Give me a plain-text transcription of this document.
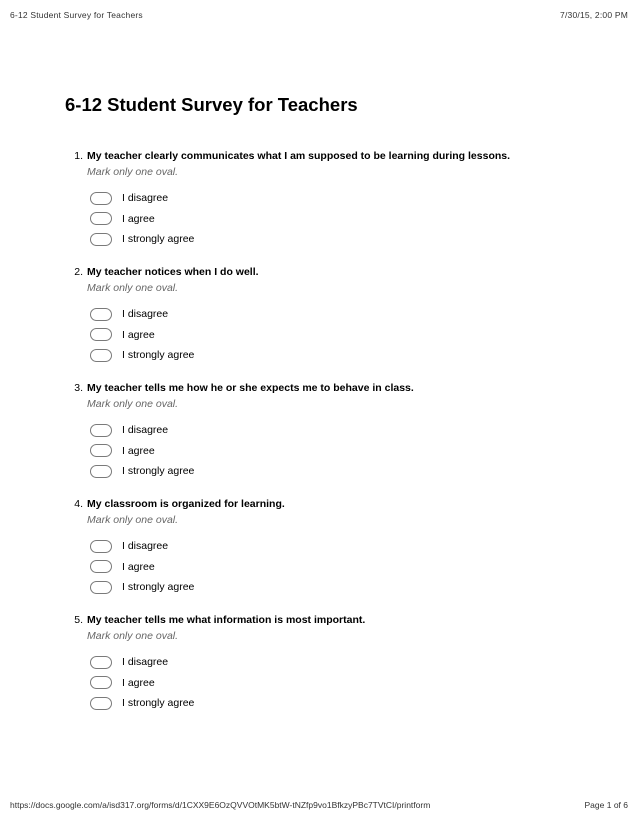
6-12 Student Survey for Teachers	7/30/15, 2:00 PM
6-12 Student Survey for Teachers
1. My teacher clearly communicates what I am supposed to be learning during lessons.
Mark only one oval.
I disagree
I agree
I strongly agree
2. My teacher notices when I do well.
Mark only one oval.
I disagree
I agree
I strongly agree
3. My teacher tells me how he or she expects me to behave in class.
Mark only one oval.
I disagree
I agree
I strongly agree
4. My classroom is organized for learning.
Mark only one oval.
I disagree
I agree
I strongly agree
5. My teacher tells me what information is most important.
Mark only one oval.
I disagree
I agree
I strongly agree
https://docs.google.com/a/isd317.org/forms/d/1CXX9E6OzQVVOtMK5btW-tNZfp9vo1BfkzyPBc7TVtCI/printform	Page 1 of 6
